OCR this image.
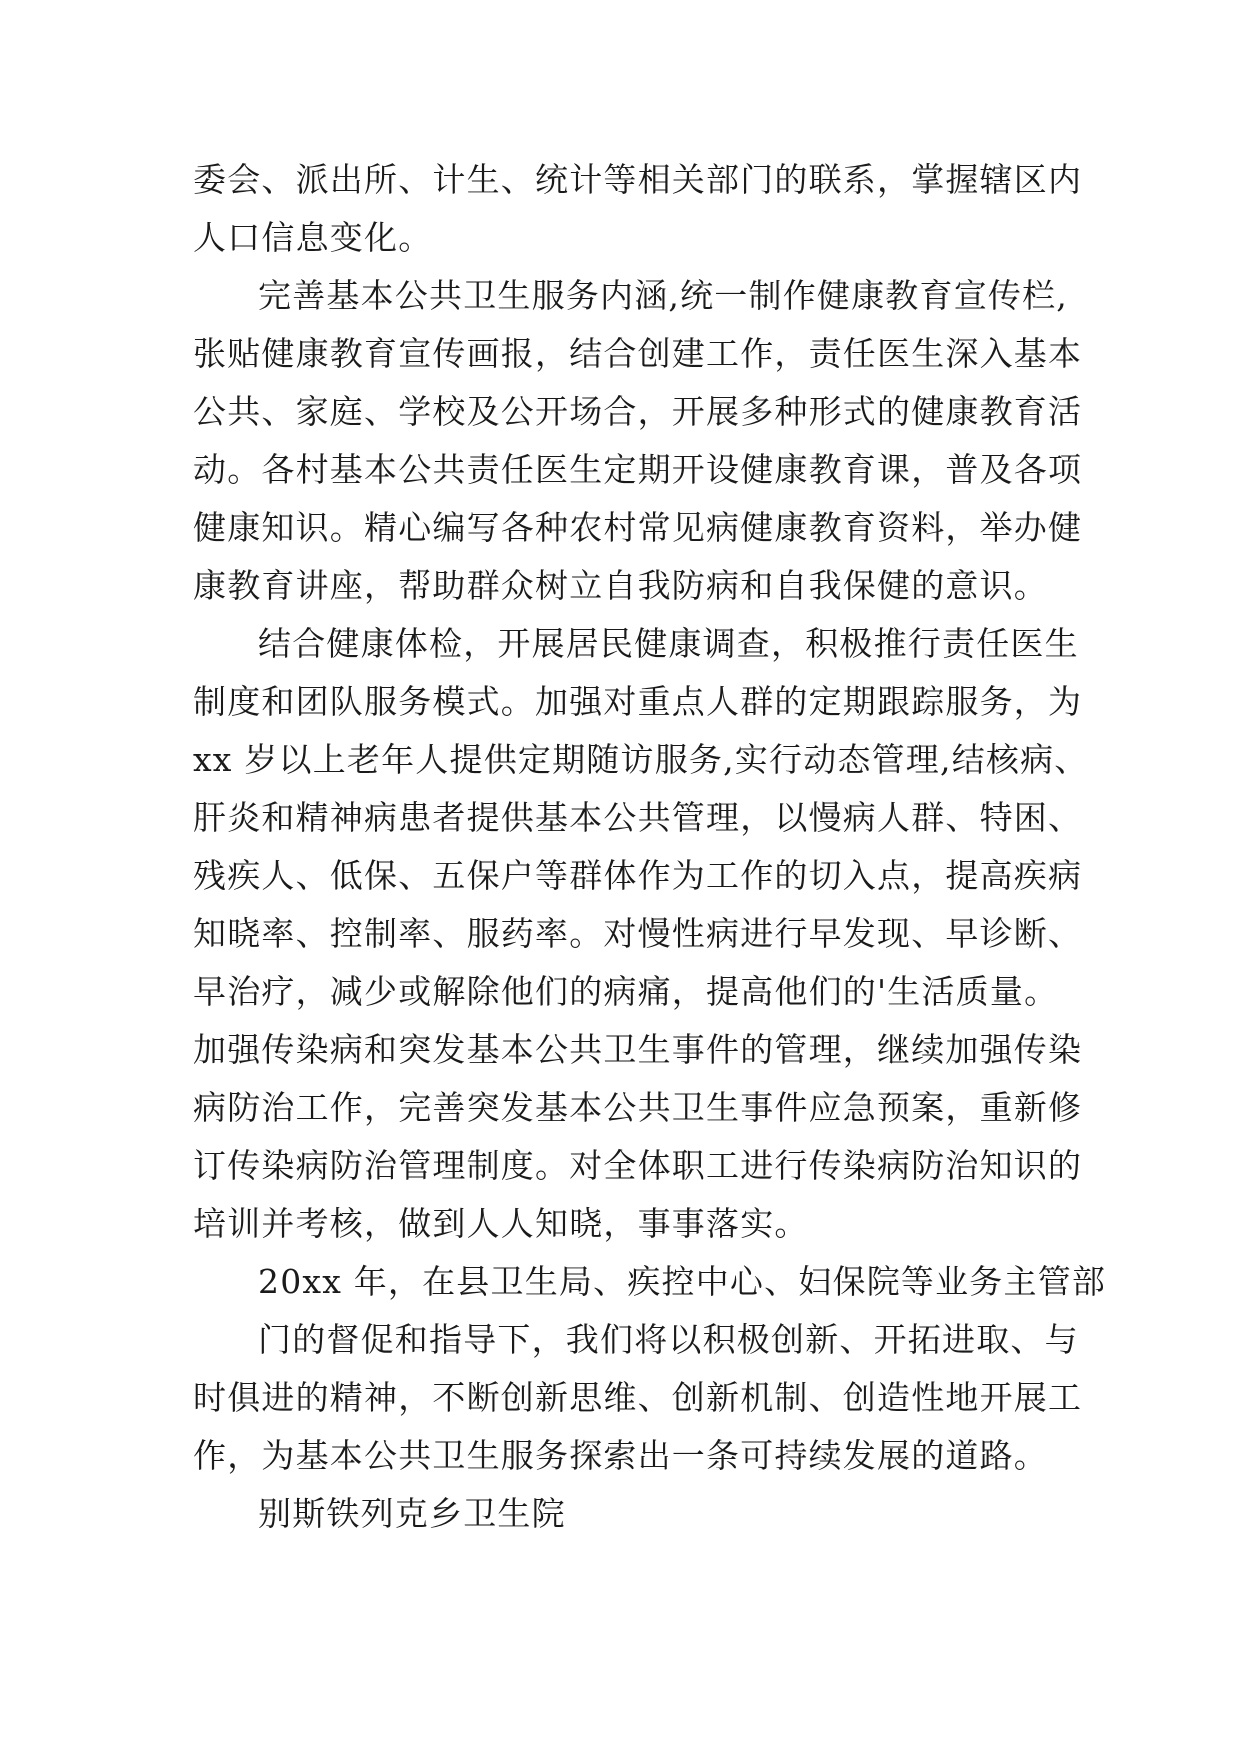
委会、派出所、计生、统计等相关部门的联系，掌握辖区内
人口信息变化。
完善基本公共卫生服务内涵,统一制作健康教育宣传栏,
张贴健康教育宣传画报，结合创建工作，责任医生深入基本
公共、家庭、学校及公开场合，开展多种形式的健康教育活
动。各村基本公共责任医生定期开设健康教育课，普及各项
健康知识。精心编写各种农村常见病健康教育资料，举办健
康教育讲座，帮助群众树立自我防病和自我保健的意识。
结合健康体检，开展居民健康调查，积极推行责任医生
制度和团队服务模式。加强对重点人群的定期跟踪服务，为
xx 岁以上老年人提供定期随访服务,实行动态管理,结核病、
肝炎和精神病患者提供基本公共管理，以慢病人群、特困、
残疾人、低保、五保户等群体作为工作的切入点，提高疾病
知晓率、控制率、服药率。对慢性病进行早发现、早诊断、
早治疗，减少或解除他们的病痛，提高他们的'生活质量。
加强传染病和突发基本公共卫生事件的管理，继续加强传染
病防治工作，完善突发基本公共卫生事件应急预案，重新修
订传染病防治管理制度。对全体职工进行传染病防治知识的
培训并考核，做到人人知晓，事事落实。
20xx 年，在县卫生局、疾控中心、妇保院等业务主管部
门的督促和指导下，我们将以积极创新、开拓进取、与
时俱进的精神，不断创新思维、创新机制、创造性地开展工
作，为基本公共卫生服务探索出一条可持续发展的道路。
别斯铁列克乡卫生院
